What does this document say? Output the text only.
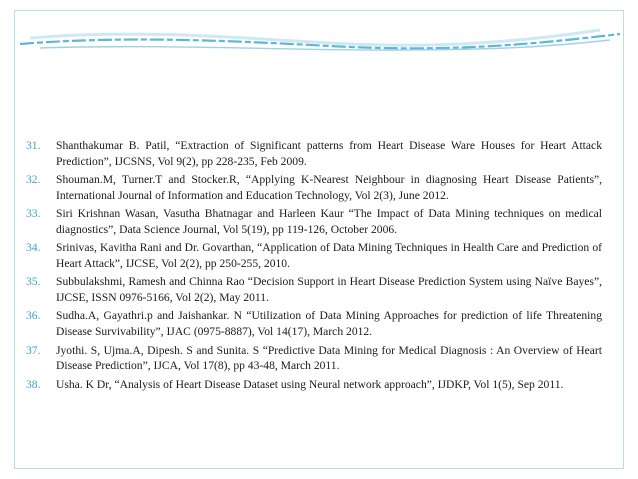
31. Shanthakumar B. Patil, “Extraction of Significant patterns from Heart Disease Ware Houses for Heart Attack Prediction”, IJCSNS, Vol 9(2), pp 228-235, Feb 2009.
32. Shouman.M, Turner.T and Stocker.R, “Applying K-Nearest Neighbour in diagnosing Heart Disease Patients”, International Journal of Information and Education Technology, Vol 2(3), June 2012.
33. Siri Krishnan Wasan, Vasutha Bhatnagar and Harleen Kaur “The Impact of Data Mining techniques on medical diagnostics”, Data Science Journal, Vol 5(19), pp 119-126, October 2006.
34. Srinivas, Kavitha Rani and Dr. Govarthan, “Application of Data Mining Techniques in Health Care and Prediction of Heart Attack”, IJCSE, Vol 2(2), pp 250-255, 2010.
35. Subbulakshmi, Ramesh and Chinna Rao “Decision Support in Heart Disease Prediction System using Naïve Bayes”, IJCSE, ISSN 0976-5166, Vol 2(2), May 2011.
36. Sudha.A, Gayathri.p and Jaishankar. N “Utilization of Data Mining Approaches for prediction of life Threatening Disease Survivability”, IJAC (0975-8887), Vol 14(17), March 2012.
37. Jyothi. S, Ujma.A, Dipesh. S and Sunita. S “Predictive Data Mining for Medical Diagnosis : An Overview of Heart Disease Prediction”, IJCA, Vol 17(8), pp 43-48, March 2011.
38. Usha. K Dr, “Analysis of Heart Disease Dataset using Neural network approach”, IJDKP, Vol 1(5), Sep 2011.
